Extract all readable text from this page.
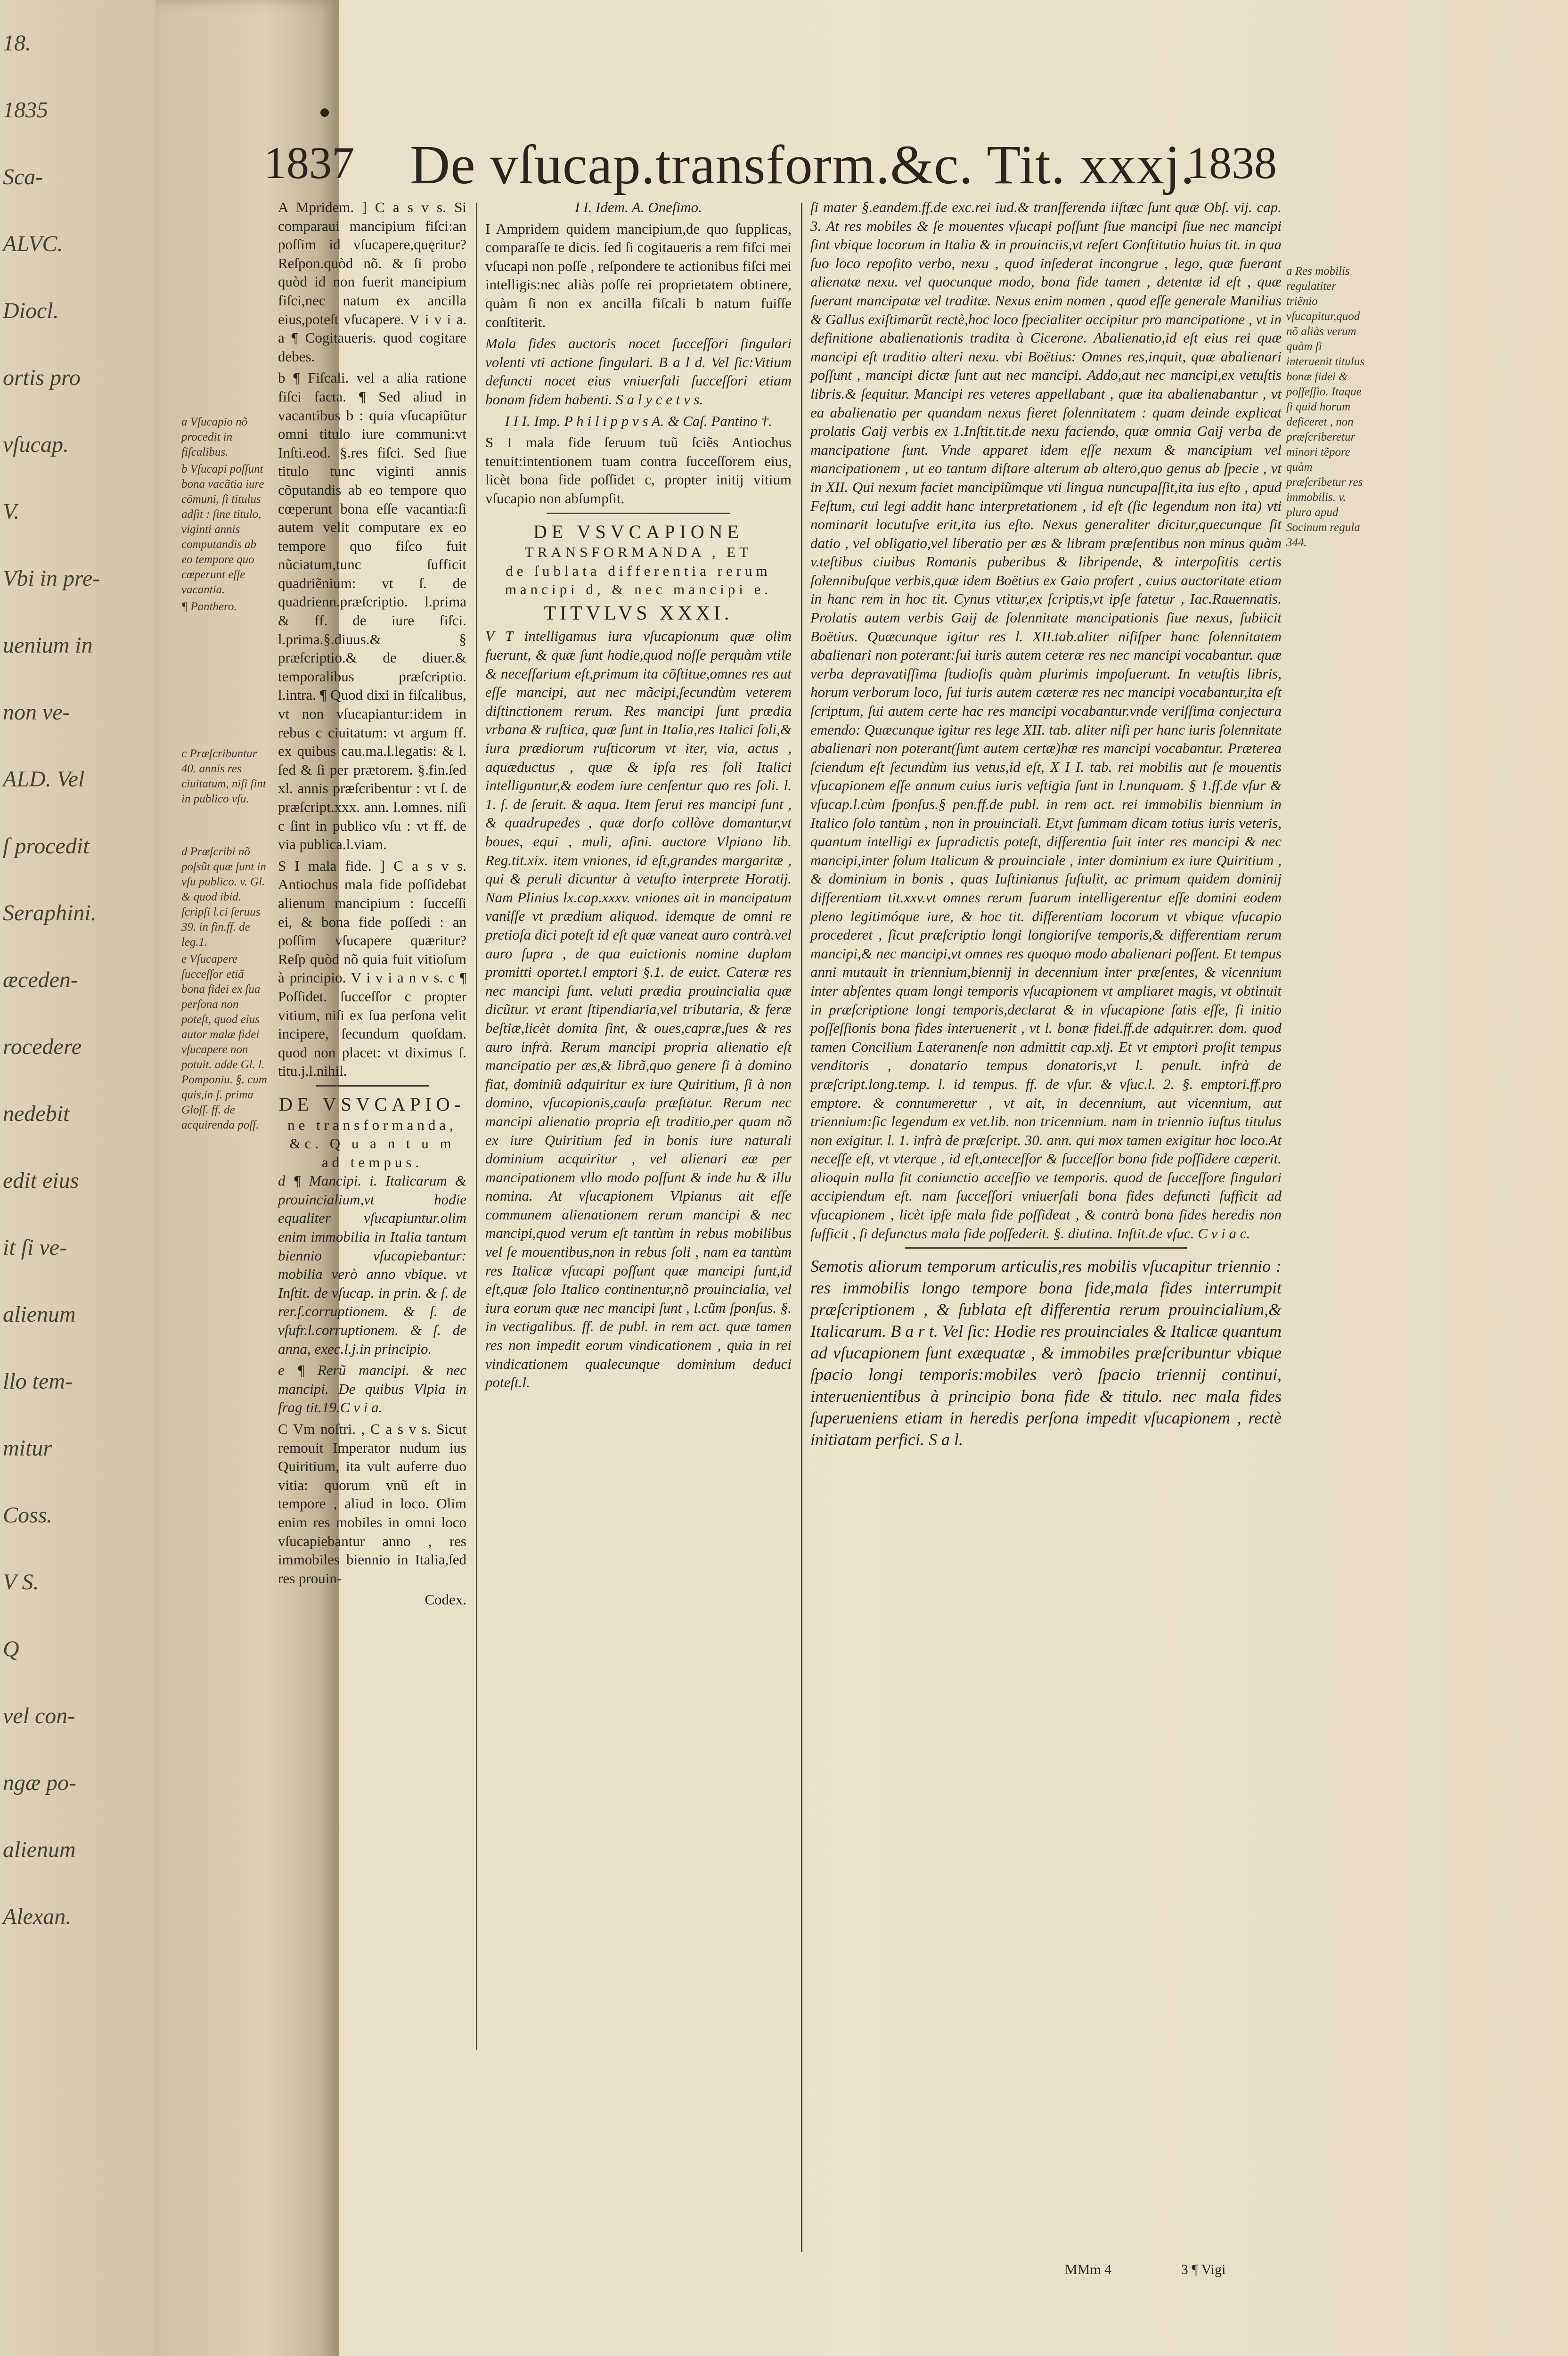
18.
1835
Sca-
ALVC.
Diocl.
ortis pro
vſucap.
V.
Vbi in pre-
uenium in
non ve-
ALD. Vel
ſ procedit
Seraphini.
æceden-
rocedere
nedebit
edit eius
it ſi ve-
alienum
llo tem-
mitur
Coss.
V S.
Q
vel con-
ngæ po-
alienum
Alexan.
1837 De vſucap.transform.&c. Tit. xxxj.
1838

a Vſucapio nõ procedit in fiſcalibus.

b Vſucapi poſſunt bona vacãtia iure cõmuni, ſi titulus adſit : ſine titulo, viginti annis computandis ab eo tempore quo cœperunt eſſe vacantia.

¶ Panthero.

c Præſcribuntur 40. annis res ciuitatum, niſi ſint in publico vſu.

d Præſcribi nõ poſsũt quæ ſunt in vſu publico. v. Gl. & quod ibid. ſcripſi l.ci ſeruus 39. in fin.ff. de leg.1.

e Vſucapere ſucceſſor etiã bona fidei ex ſua perſona non poteſt, quod eius autor malæ fidei vſucapere non potuit. adde Gl. l. Pomponiu. §. cum quis,in ſ. prima Gloſſ. ff. de acquirenda poſſ.

A Mpridem. ] C a s v s. Si comparaui mancipium fiſci:an poſſim id vſucapere,quęritur?Reſpon.quòd nõ. & ſi probo quòd id non fuerit mancipium fiſci,nec natum ex ancilla eius,poteſt vſucapere. V i v i a. a ¶ Cogitaueris. quod cogitare debes.

b ¶ Fiſcali. vel a alia ratione fiſci facta. ¶ Sed aliud in vacantibus b : quia vſucapiũtur omni titulo iure communi:vt Inſti.eod. §.res fiſci. Sed ſiue titulo tunc viginti annis cõputandis ab eo tempore quo cœperunt bona eſſe vacantia:ſi autem velit computare ex eo tempore quo fiſco fuit nũciatum,tunc ſufficit quadriẽnium: vt ſ. de quadrienn.præſcriptio. l.prima & ff. de iure fiſci. l.prima.§.diuus.& § præſcriptio.& de diuer.& temporalibus præſcriptio. l.intra. ¶ Quod dixi in fiſcalibus, vt non vſucapiantur:idem in rebus c ciuitatum: vt argum ff. ex quibus cau.ma.l.legatis: & l. ſed & ſi per prætorem. §.fin.ſed xl. annis præſcribentur : vt ſ. de præſcript.xxx. ann. l.omnes. niſi c ſint in publico vſu : vt ff. de via publica.l.viam.

S I mala fide. ] C a s v s. Antiochus mala fide poſſidebat alienum mancipium : ſucceſſi ei, & bona fide poſſedi : an poſſim vſucapere quæritur? Reſp quòd nõ quia fuit vitioſum à principio. V i v i a n v s. c ¶ Poſſidet. ſucceſſor c propter vitium, niſi ex ſua perſona velit incipere, ſecundum quoſdam. quod non placet: vt diximus ſ. titu.j.l.nihil.

DE VSVCAPIO-
ne transformanda,
&c. Q u a n t u m
ad tempus.

d ¶ Mancipi. i. Italicarum & prouincialium,vt hodie equaliter vſucapiuntur.olim enim immobilia in Italia tantum biennio vſucapiebantur: mobilia verò anno vbique. vt Inſtit. de vſucap. in prin. & ſ. de rer.ſ.corruptionem. & ſ. de vſufr.l.corruptionem. & ſ. de anna, exec.l.j.in principio.

e ¶ Rerũ mancipi. & nec mancipi. De quibus Vlpia in frag tit.19.C v i a.

C Vm noſtri. , C a s v s. Sicut remouit Imperator nudum ius Quiritium, ita vult auferre duo vitia: quorum vnũ eſt in tempore , aliud in loco. Olim enim res mobiles in omni loco vſucapiebantur anno , res immobiles biennio in Italia,ſed res prouin-

Codex.

I I. Idem. A. Oneſimo.

I Ampridem quidem mancipium,de quo ſupplicas, comparaſſe te dicis. ſed ſi cogitaueris a rem fiſci mei vſucapi non poſſe , reſpondere te actionibus fiſci mei intelligis:nec aliàs poſſe rei proprietatem obtinere, quàm ſi non ex ancilla fiſcali b natum fuiſſe conſtiterit.

Mala fides auctoris nocet ſucceſſori ſingulari volenti vti actione ſingulari. B a l d. Vel ſic:Vitium defuncti nocet eius vniuerſali ſucceſſori etiam bonam fidem habenti. S a l y c e t v s.

I I I. Imp. P h i l i p p v s A. & Caſ. Pantino †.

S I mala fide ſeruum tuũ ſciẽs Antiochus tenuit:intentionem tuam contra ſucceſſorem eius, licèt bona fide poſſidet c, propter initij vitium vſucapio non abſumpſit.

DE VSVCAPIONE
TRANSFORMANDA , ET
de ſublata differentia rerum
mancipi d, & nec mancipi e.
TITVLVS XXXI.

V T intelligamus iura vſucapionum quæ olim fuerunt, & quæ ſunt hodie,quod noſſe perquàm vtile & neceſſarium eſt,primum ita cõſtitue,omnes res aut eſſe mancipi, aut nec mãcipi,ſecundùm veterem diſtinctionem rerum. Res mancipi ſunt prædia vrbana & ruſtica, quæ ſunt in Italia,res Italici ſoli,& iura prædiorum ruſticorum vt iter, via, actus , aquæductus , quæ & ipſa res ſoli Italici intelliguntur,& eodem iure cenſentur quo res ſoli. l. 1. ſ. de ſeruit. & aqua. Item ſerui res mancipi ſunt , & quadrupedes , quæ dorſo collòve domantur,vt boues, equi , muli, aſini. auctore Vlpiano lib. Reg.tit.xix. item vniones, id eſt,grandes margaritæ , qui & peruli dicuntur à vetuſto interprete Horatij. Nam Plinius lx.cap.xxxv. vniones ait in mancipatum vaniſſe vt prædium aliquod. idemque de omni re pretioſa dici poteſt id eſt quæ vaneat auro contrà.vel auro ſupra , de qua euictionis nomine duplam promitti oportet.l emptori §.1. de euict. Cateræ res nec mancipi ſunt. veluti prædia prouincialia quæ dicũtur. vt erant ſtipendiaria,vel tributaria, & feræ beſtiæ,licèt domita ſint, & oues,capræ,ſues & res auro infrà. Rerum mancipi propria alienatio eſt mancipatio per æs,& librã,quo genere ſi à domino fiat, dominiũ adquiritur ex iure Quiritium, ſi à non domino, vſucapionis,cauſa præſtatur. Rerum nec mancipi alienatio propria eſt traditio,per quam nõ ex iure Quiritium ſed in bonis iure naturali dominium acquiritur , vel alienari eæ per mancipationem vllo modo poſſunt & inde hu & illu nomina. At vſucapionem Vlpianus ait eſſe communem alienationem rerum mancipi & nec mancipi,quod verum eſt tantùm in rebus mobilibus vel ſe mouentibus,non in rebus ſoli , nam ea tantùm res Italicæ vſucapi poſſunt quæ mancipi ſunt,id eſt,quæ ſolo Italico continentur,nõ prouincialia, vel iura eorum quæ nec mancipi ſunt , l.cũm ſponſus. §. in vectigalibus. ff. de publ. in rem act. quæ tamen res non impedit eorum vindicationem , quia in rei vindicationem qualecunque dominium deduci poteſt.l.

ſi mater §.eandem.ff.de exc.rei iud.& tranſferenda iiſtæc ſunt quæ Obſ. vij. cap. 3. At res mobiles & ſe mouentes vſucapi poſſunt ſiue mancipi ſiue nec mancipi ſint vbique locorum in Italia & in prouinciis,vt refert Conſtitutio huius tit. in qua ſuo loco repoſito verbo, nexu , quod inſederat incongrue , lego, quæ fuerant alienatæ nexu. vel quocunque modo, bona fide tamen , detentæ id eſt , quæ fuerant mancipatæ vel traditæ. Nexus enim nomen , quod eſſe generale Manilius & Gallus exiſtimarũt rectè,hoc loco ſpecialiter accipitur pro mancipatione , vt in definitione abalienationis tradita à Cicerone. Abalienatio,id eſt eius rei quæ mancipi eſt traditio alteri nexu. vbi Boëtius: Omnes res,inquit, quæ abalienari poſſunt , mancipi dictæ ſunt aut nec mancipi. Addo,aut nec mancipi,ex vetuſtis libris.& ſequitur. Mancipi res veteres appellabant , quæ ita abalienabantur , vt ea abalienatio per quandam nexus fieret ſolennitatem : quam deinde explicat prolatis Gaij verbis ex 1.Inſtit.tit.de nexu faciendo, quæ omnia Gaij verba de mancipatione ſunt. Vnde apparet idem eſſe nexum & mancipium vel mancipationem , ut eo tantum diſtare alterum ab altero,quo genus ab ſpecie , vt in XII. Qui nexum faciet mancipiũmque vti lingua nuncupaſſit,ita ius eſto , apud Feſtum, cui legi addit hanc interpretationem , id eſt (ſic legendum non ita) vti nominarit locutuſve erit,ita ius eſto. Nexus generaliter dicitur,quecunque ſit datio , vel obligatio,vel liberatio per æs & libram præſentibus non minus quàm v.teſtibus ciuibus Romanis puberibus & libripende, & interpoſitis certis ſolennibuſque verbis,quæ idem Boëtius ex Gaio profert , cuius auctoritate etiam in hanc rem in hoc tit. Cynus vtitur,ex ſcriptis,vt ipſe fatetur , Iac.Rauennatis. Prolatis autem verbis Gaij de ſolennitate mancipationis ſiue nexus, ſubiicit Boëtius. Quæcunque igitur res l. XII.tab.aliter niſiſper hanc ſolennitatem abalienari non poterant:ſui iuris autem ceteræ res nec mancipi vocabantur. quæ verba depravatiſſima ſtudioſis quàm plurimis impoſuerunt. In vetuſtis libris, horum verborum loco, ſui iuris autem cæteræ res nec mancipi vocabantur,ita eſt ſcriptum, ſui autem certe hac res mancipi vocabantur.vnde veriſſima conjectura emendo: Quæcunque igitur res lege XII. tab. aliter niſi per hanc iuris ſolennitate abalienari non poterant(ſunt autem certæ)hæ res mancipi vocabantur. Præterea ſciendum eſt ſecundùm ius vetus,id eſt, X I I. tab. rei mobilis aut ſe mouentis vſucapionem eſſe annum cuius iuris veſtigia ſunt in l.nunquam. § 1.ff.de vſur & vſucap.l.cùm ſponſus.§ pen.ff.de publ. in rem act. rei immobilis biennium in Italico ſolo tantùm , non in prouinciali. Et,vt ſummam dicam totius iuris veteris, quantum intelligi ex ſupradictis poteſt, differentia fuit inter res mancipi & nec mancipi,inter ſolum Italicum & prouinciale , inter dominium ex iure Quiritium , & dominium in bonis , quas Iuſtinianus ſuſtulit, ac primum quidem dominij differentiam tit.xxv.vt omnes rerum ſuarum intelligerentur eſſe domini eodem pleno legitimóque iure, & hoc tit. differentiam locorum vt vbique vſucapio procederet , ſicut præſcriptio longi longioriſve temporis,& differentiam rerum mancipi,& nec mancipi,vt omnes res quoquo modo abalienari poſſent. Et tempus anni mutauit in triennium,biennij in decennium inter præſentes, & vicennium inter abſentes quam longi temporis vſucapionem vt ampliaret magis, vt obtinuit in præſcriptione longi temporis,declarat & in vſucapione ſatis eſſe, ſi initio poſſeſſionis bona fides interuenerit , vt l. bonæ fidei.ff.de adquir.rer. dom. quod tamen Concilium Lateranenſe non admittit cap.xlj. Et vt emptori proſit tempus venditoris , donatario tempus donatoris,vt l. penult. infrà de præſcript.long.temp. l. id tempus. ff. de vſur. & vſuc.l. 2. §. emptori.ff.pro emptore. & connumeretur , vt ait, in decennium, aut vicennium, aut triennium:ſic legendum ex vet.lib. non tricennium. nam in triennio iuſtus titulus non exigitur. l. 1. infrà de præſcript. 30. ann. qui mox tamen exigitur hoc loco.At neceſſe eſt, vt vterque , id eſt,anteceſſor & ſucceſſor bona fide poſſidere cæperit. alioquin nulla ſit coniunctio acceſſio ve temporis. quod de ſucceſſore ſingulari accipiendum eſt. nam ſucceſſori vniuerſali bona fides defuncti ſufficit ad vſucapionem , licèt ipſe mala fide poſſideat , & contrà bona fides heredis non ſufficit , ſi defunctus mala fide poſſederit. §. diutina. Inſtit.de vſuc. C v i a c.

Semotis aliorum temporum articulis,res mobilis vſucapitur triennio : res immobilis longo tempore bona fide,mala fides interrumpit præſcriptionem , & ſublata eſt differentia rerum prouincialium,& Italicarum. B a r t. Vel ſic: Hodie res prouinciales & Italicæ quantum ad vſucapionem ſunt exæquatæ , & immobiles præſcribuntur vbique ſpacio longi temporis:mobiles verò ſpacio triennij continui, interuenientibus à principio bona fide & titulo. nec mala fides ſuperueniens etiam in heredis perſona impedit vſucapionem , rectè initiatam perfici. S a l.

a Res mobilis regulatiter triẽnio vſucapitur,quod nõ aliàs verum quàm ſi interuenit titulus bonæ fidei & poſſeſſio. Itaque ſi quid horum deficeret , non præſcriberetur minori tẽpore quàm præſcribetur res immobilis. v. plura apud Socinum regula 344.

MMm 4	3 ¶ Vigi
